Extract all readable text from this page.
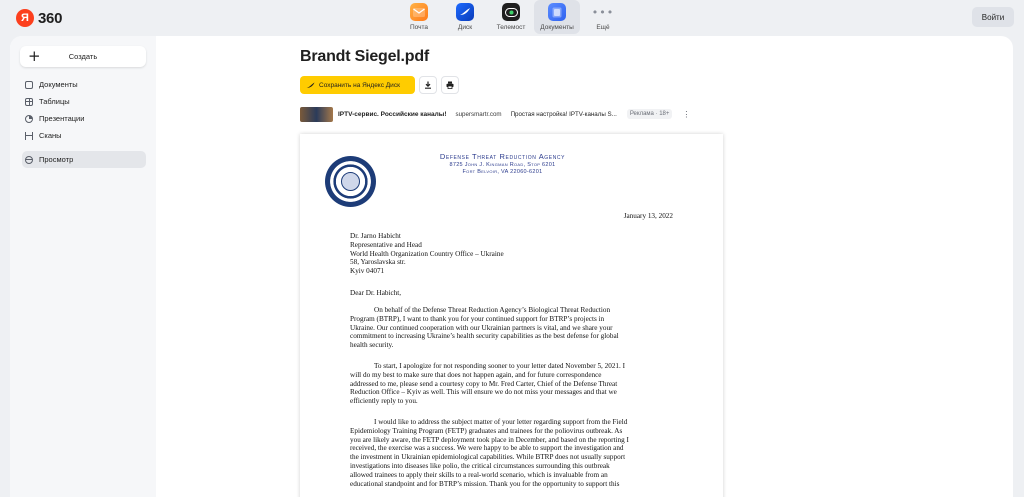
Я 360
Почта	Диск	Телемост Документы
•••
Ещё
Войти
+	Создать
Документы
Таблицы
Презентации
Сканы
Просмотр
Brandt Siegel.pdf
Сохранить на Яндекс Диск
IPTV-сервис. Российские каналы! supersmartr.com Простая настройка! IPTV-каналы S...	Реклама · 18+	⋮
Defense Threat Reduction Agency
8725 John J. Kingman Road, Stop 6201
Fort Belvoir, VA 22060-6201
January 13, 2022
Dr. Jarno Habicht
Representative and Head
World Health Organization Country Office – Ukraine
58, Yaroslavska str.
Kyiv 04071
Dear Dr. Habicht,
On behalf of the Defense Threat Reduction Agency’s Biological Threat Reduction
Program (BTRP), I want to thank you for your continued support for BTRP’s projects in
Ukraine. Our continued cooperation with our Ukrainian partners is vital, and we share your
commitment to increasing Ukraine’s health security capabilities as the best defense for global
health security.
To start, I apologize for not responding sooner to your letter dated November 5, 2021. I
will do my best to make sure that does not happen again, and for future correspondence
addressed to me, please send a courtesy copy to Mr. Fred Carter, Chief of the Defense Threat
Reduction Office – Kyiv as well. This will ensure we do not miss your messages and that we
efficiently reply to you.
I would like to address the subject matter of your letter regarding support from the Field
Epidemiology Training Program (FETP) graduates and trainees for the poliovirus outbreak. As
you are likely aware, the FETP deployment took place in December, and based on the reporting I
received, the exercise was a success. We were happy to be able to support the investigation and
the investment in Ukrainian epidemiological capabilities. While BTRP does not usually support
investigations into diseases like polio, the critical circumstances surrounding this outbreak
allowed trainees to apply their skills to a real-world scenario, which is invaluable from an
educational standpoint and for BTRP’s mission. Thank you for the opportunity to support this
